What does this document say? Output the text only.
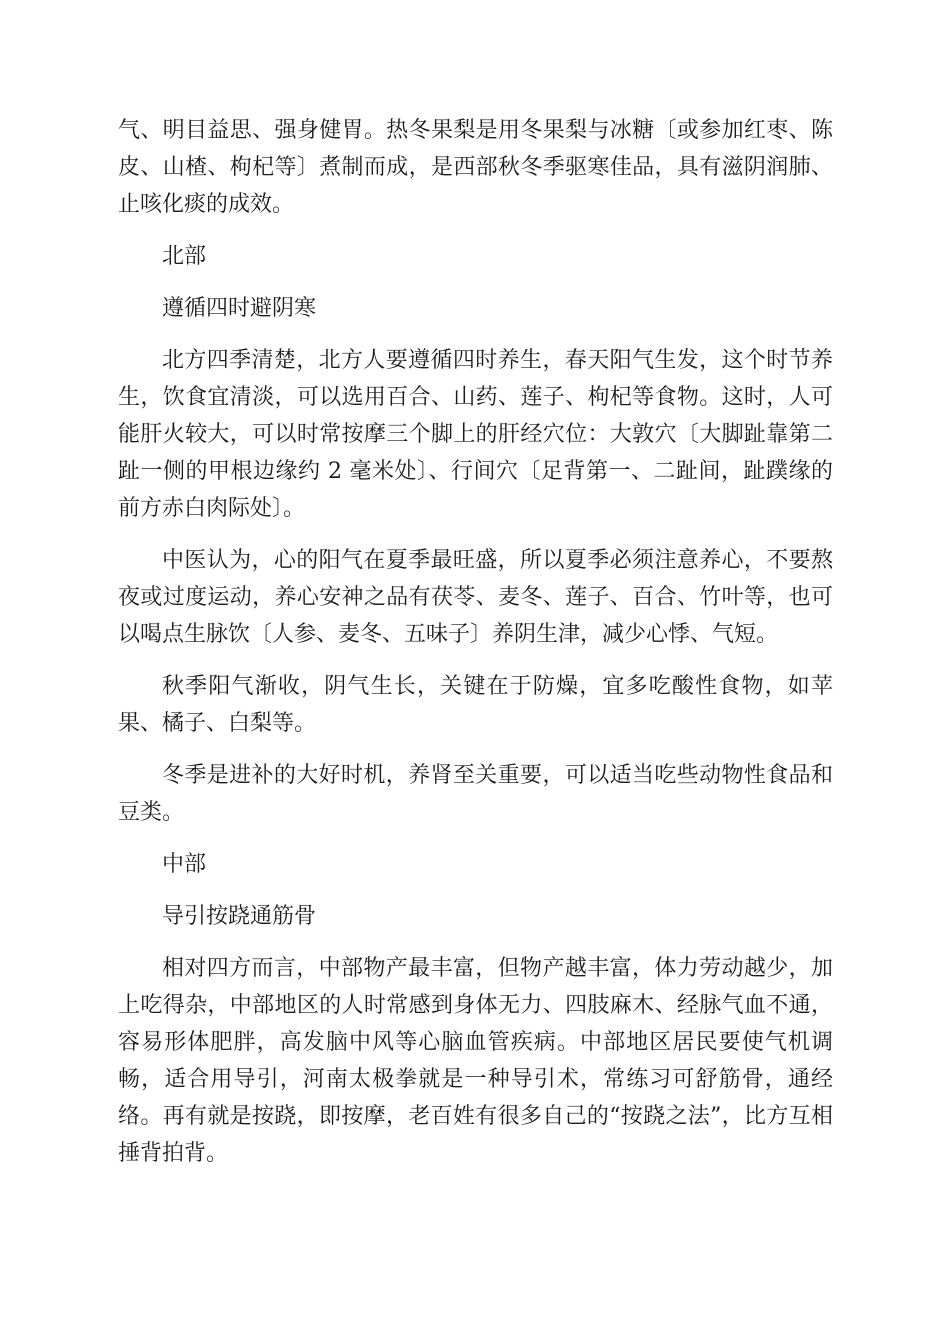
气、明目益思、强身健胃。热冬果梨是用冬果梨与冰糖〔或参加红枣、陈皮、山楂、枸杞等〕煮制而成，是西部秋冬季驱寒佳品，具有滋阴润肺、止咳化痰的成效。

北部

遵循四时避阴寒

北方四季清楚，北方人要遵循四时养生，春天阳气生发，这个时节养生，饮食宜清淡，可以选用百合、山药、莲子、枸杞等食物。这时，人可能肝火较大，可以时常按摩三个脚上的肝经穴位：大敦穴〔大脚趾靠第二趾一侧的甲根边缘约 2 毫米处〕、行间穴〔足背第一、二趾间，趾蹼缘的前方赤白肉际处〕。

中医认为，心的阳气在夏季最旺盛，所以夏季必须注意养心，不要熬夜或过度运动，养心安神之品有茯苓、麦冬、莲子、百合、竹叶等，也可以喝点生脉饮〔人参、麦冬、五味子〕养阴生津，减少心悸、气短。

秋季阳气渐收，阴气生长，关键在于防燥，宜多吃酸性食物，如苹果、橘子、白梨等。

冬季是进补的大好时机，养肾至关重要，可以适当吃些动物性食品和豆类。

中部

导引按跷通筋骨

相对四方而言，中部物产最丰富，但物产越丰富，体力劳动越少，加上吃得杂，中部地区的人时常感到身体无力、四肢麻木、经脉气血不通，容易形体肥胖，高发脑中风等心脑血管疾病。中部地区居民要使气机调畅，适合用导引，河南太极拳就是一种导引术，常练习可舒筋骨，通经络。再有就是按跷，即按摩，老百姓有很多自己的“按跷之法”，比方互相捶背拍背。
